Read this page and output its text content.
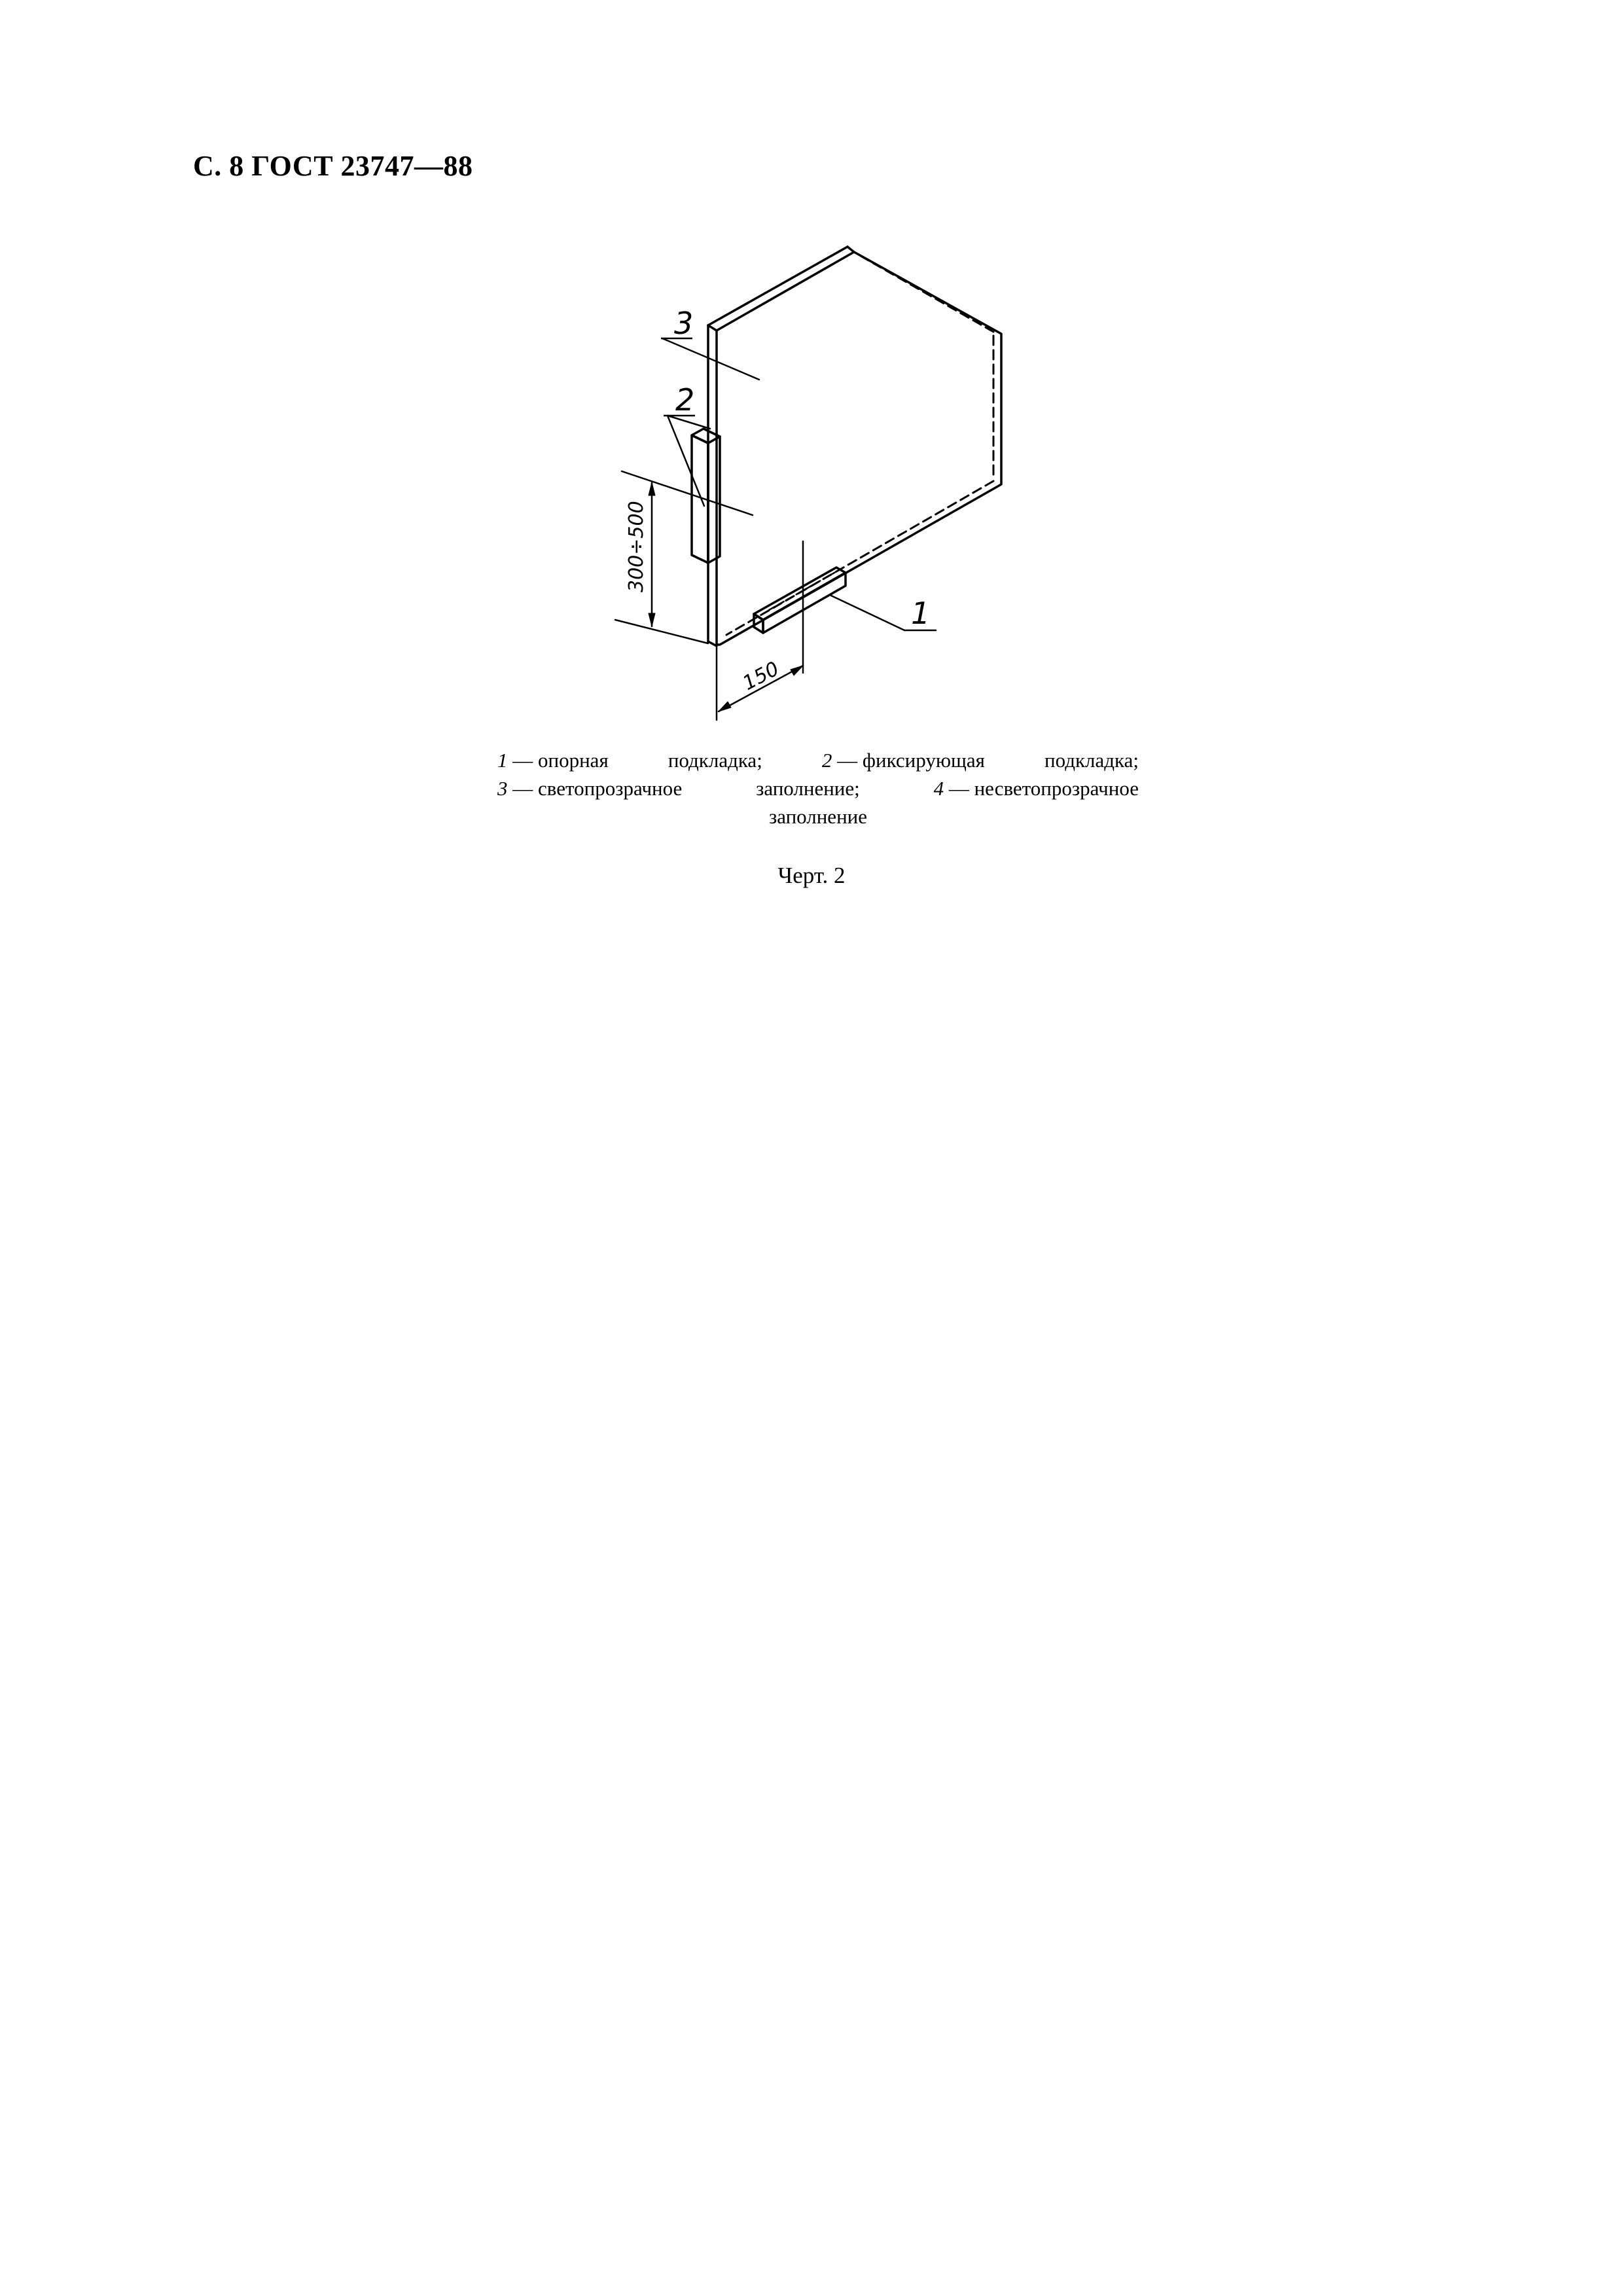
С. 8 ГОСТ 23747—88
3
2
1
300÷500
150
1 — опорная	подкладка;	2 — фиксирующая	подкладка;
3 — светопрозрачное	заполнение;	4 — несветопрозрачное
заполнение
Черт. 2
